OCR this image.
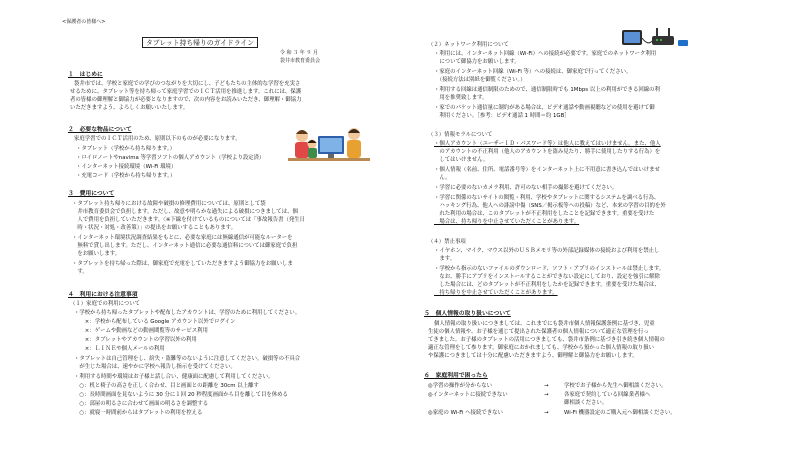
<保護者の皆様へ>
タブレット持ち帰りのガイドライン
令 和 ３ 年 ９ 月
袋井市教育委員会
１　はじめに
袋井市では、学校と家庭での学びのつながりを大切にし、子どもたちの主体的な学習を充実さ
せるために、タブレット等を持ち帰って家庭学習でのＩＣＴ活用を推進します。これには、保護
者の皆様の御理解と御協力が必要となりますので、次の内容をお読みいただき、御理解・御協力
いただきますよう、よろしくお願いいたします。
２　必要な物品について
家庭学習でのＩＣＴ活用のため、原則以下のものが必要になります。
・タブレット（学校から持ち帰ります。）
・ロイロノートやnavima 等学習ソフトの個人アカウント（学校より設定済）
・インターネット接続環境（Wi-Fi 環境）
・充電コード（学校から持ち帰ります。）
３　費用について
・タブレット持ち帰りにおける故障や破損の修理費用については、原則として袋
　井市教育委員会で負担します。ただし、故意や明らかな過失による破損につきましては、個
　人で費用を負担していただきます。〈※下線を付けているものについては「事故報告書（発生日
　時・状況・対処・改善策）」の提出をお願いすることもあります。
・インターネット環境状況調査結果をもとに、必要な家庭には無線通信が可能なルーターを
　無料で貸し出します。ただし、インターネット通信に必要な通信料については御家庭で負担
　をお願いします。
・タブレットを持ち帰った際は、御家庭で充電をしていただきますよう御協力をお願いしま
　す。
４　利用における注意事項
（１）家庭での利用について
・学校から持ち帰ったタブレットや配布したアカウントは、学習のために利用してください。
　　×：学校から配布している Google アカウント以外でログイン
　　×：ゲームや動画などの動画閲覧等のサービス利用
　　×：タブレットやアカウントの学習以外の利用
　　×：ＬＩＮＥや個人メールの利用
・タブレットは自己管理をし、紛失・盗難等のないように注意してください。破損等の不具合
　が生じた場合は、速やかに学校へ報告し指示を受けてください。
・利用する時間や環境はお子様と話し合い、健康面に配慮して利用してください。
　○：机と椅子の高さを正しく合わせ、目と画面との距離を 30cm 以上離す
　○：長時間画面を見ないように 30 分に１回 20 秒程度画面から目を離して目を休める
　○：部屋の明るさに合わせて画面の明るさを調整する
　○：就寝一時間前からはタブレットの利用を控える
（２）ネットワーク利用について
・利用には、インターネット回線（Wi-Fi）への接続が必要です。家庭でのネットワーク利用
　について御協力をお願いします。
・家庭のインターネット回線（Wi-Fi 等）への接続は、御家庭で行ってください。
　（接続方法は別紙を御覧ください。）
・利用する回線は通信制限のためので、通信制限時でも 1Mbps 以上の利用ができる回線の利
　用を推奨致します。
・家でのパケット通信量に制約がある場合は、ビデオ通話や動画視聴などの使用を避けて御
　利用ください。［参考：ビデオ通話 1 時間＝約 1GB］
（３）情報モラルについて
・個人アカウント（ユーザーＩＤ・パスワード等）は他人に教えてはいけません。また、他人
　のアカウントの不正利用（他人のアカウントを盗み見たり、勝手に使用したりする行為）を
　してはいけません。
・個人情報（名前、住所、電話番号等）をインターネット上に不用意に書き込んではいけませ
　ん。
・学習に必要のないカメラ利用、許可のない相手の撮影を避けてください。
・学習に関係のないサイトの閲覧・利用、学校やタブレットに関するシステムを調べる行為、
　ハッキング行為、他人への誹謗中傷（SNS／掲示板等への投稿）など、本来の学習の目的を外
　れた利用の場合は、このタブレットが不正利用をしたことを記録できます。重要を受けた
　場合は、持ち帰りを中止させていただくことがあります。
（４）禁止事項
・イヤホン、マイク、マウス以外のＵＳＢメモリ等の外部記録媒体の接続および利用を禁止し
　ます。
・学校から指示のないファイルのダウンロード、ソフト・アプリのインストールは禁止します。
　なお、勝手にアプリをインストールすることができない設定にしており、設定を強引に解除
　した場合には、どのタブレットが不正利用をしたかを記録できます。重要を受けた場合は、
　持ち帰りを中止させていただくことがあります。
５　個人情報の取り扱いについて
個人情報の取り扱いにつきましては、これまでにも袋井市個人情報保護条例に基づき、児童
生徒の個人情報や、お子様を通じて提出された保護者の個人情報について適正な管理を行っ
てきました。お子様のタブレットの活用につきましても、袋井市条例に基づき引き続き個人情報の
適正な管理をして参ります。御家庭におかれましても、学校から預かった個人情報の取り扱い
や保護につきましては十分に配慮いただきますよう、御理解と御協力をお願いします。
６　家庭利用で困ったら
◎学習の操作が分からない	→	学校でお子様から先生へ御相談ください。
◎インターネットに接続できない	→	各家庭で契約している回線業者様へ
御相談ください。
◎家庭の Wi-Fi へ接続できない	→	Wi-Fi 機器設定のご購入元へ御相談ください。
